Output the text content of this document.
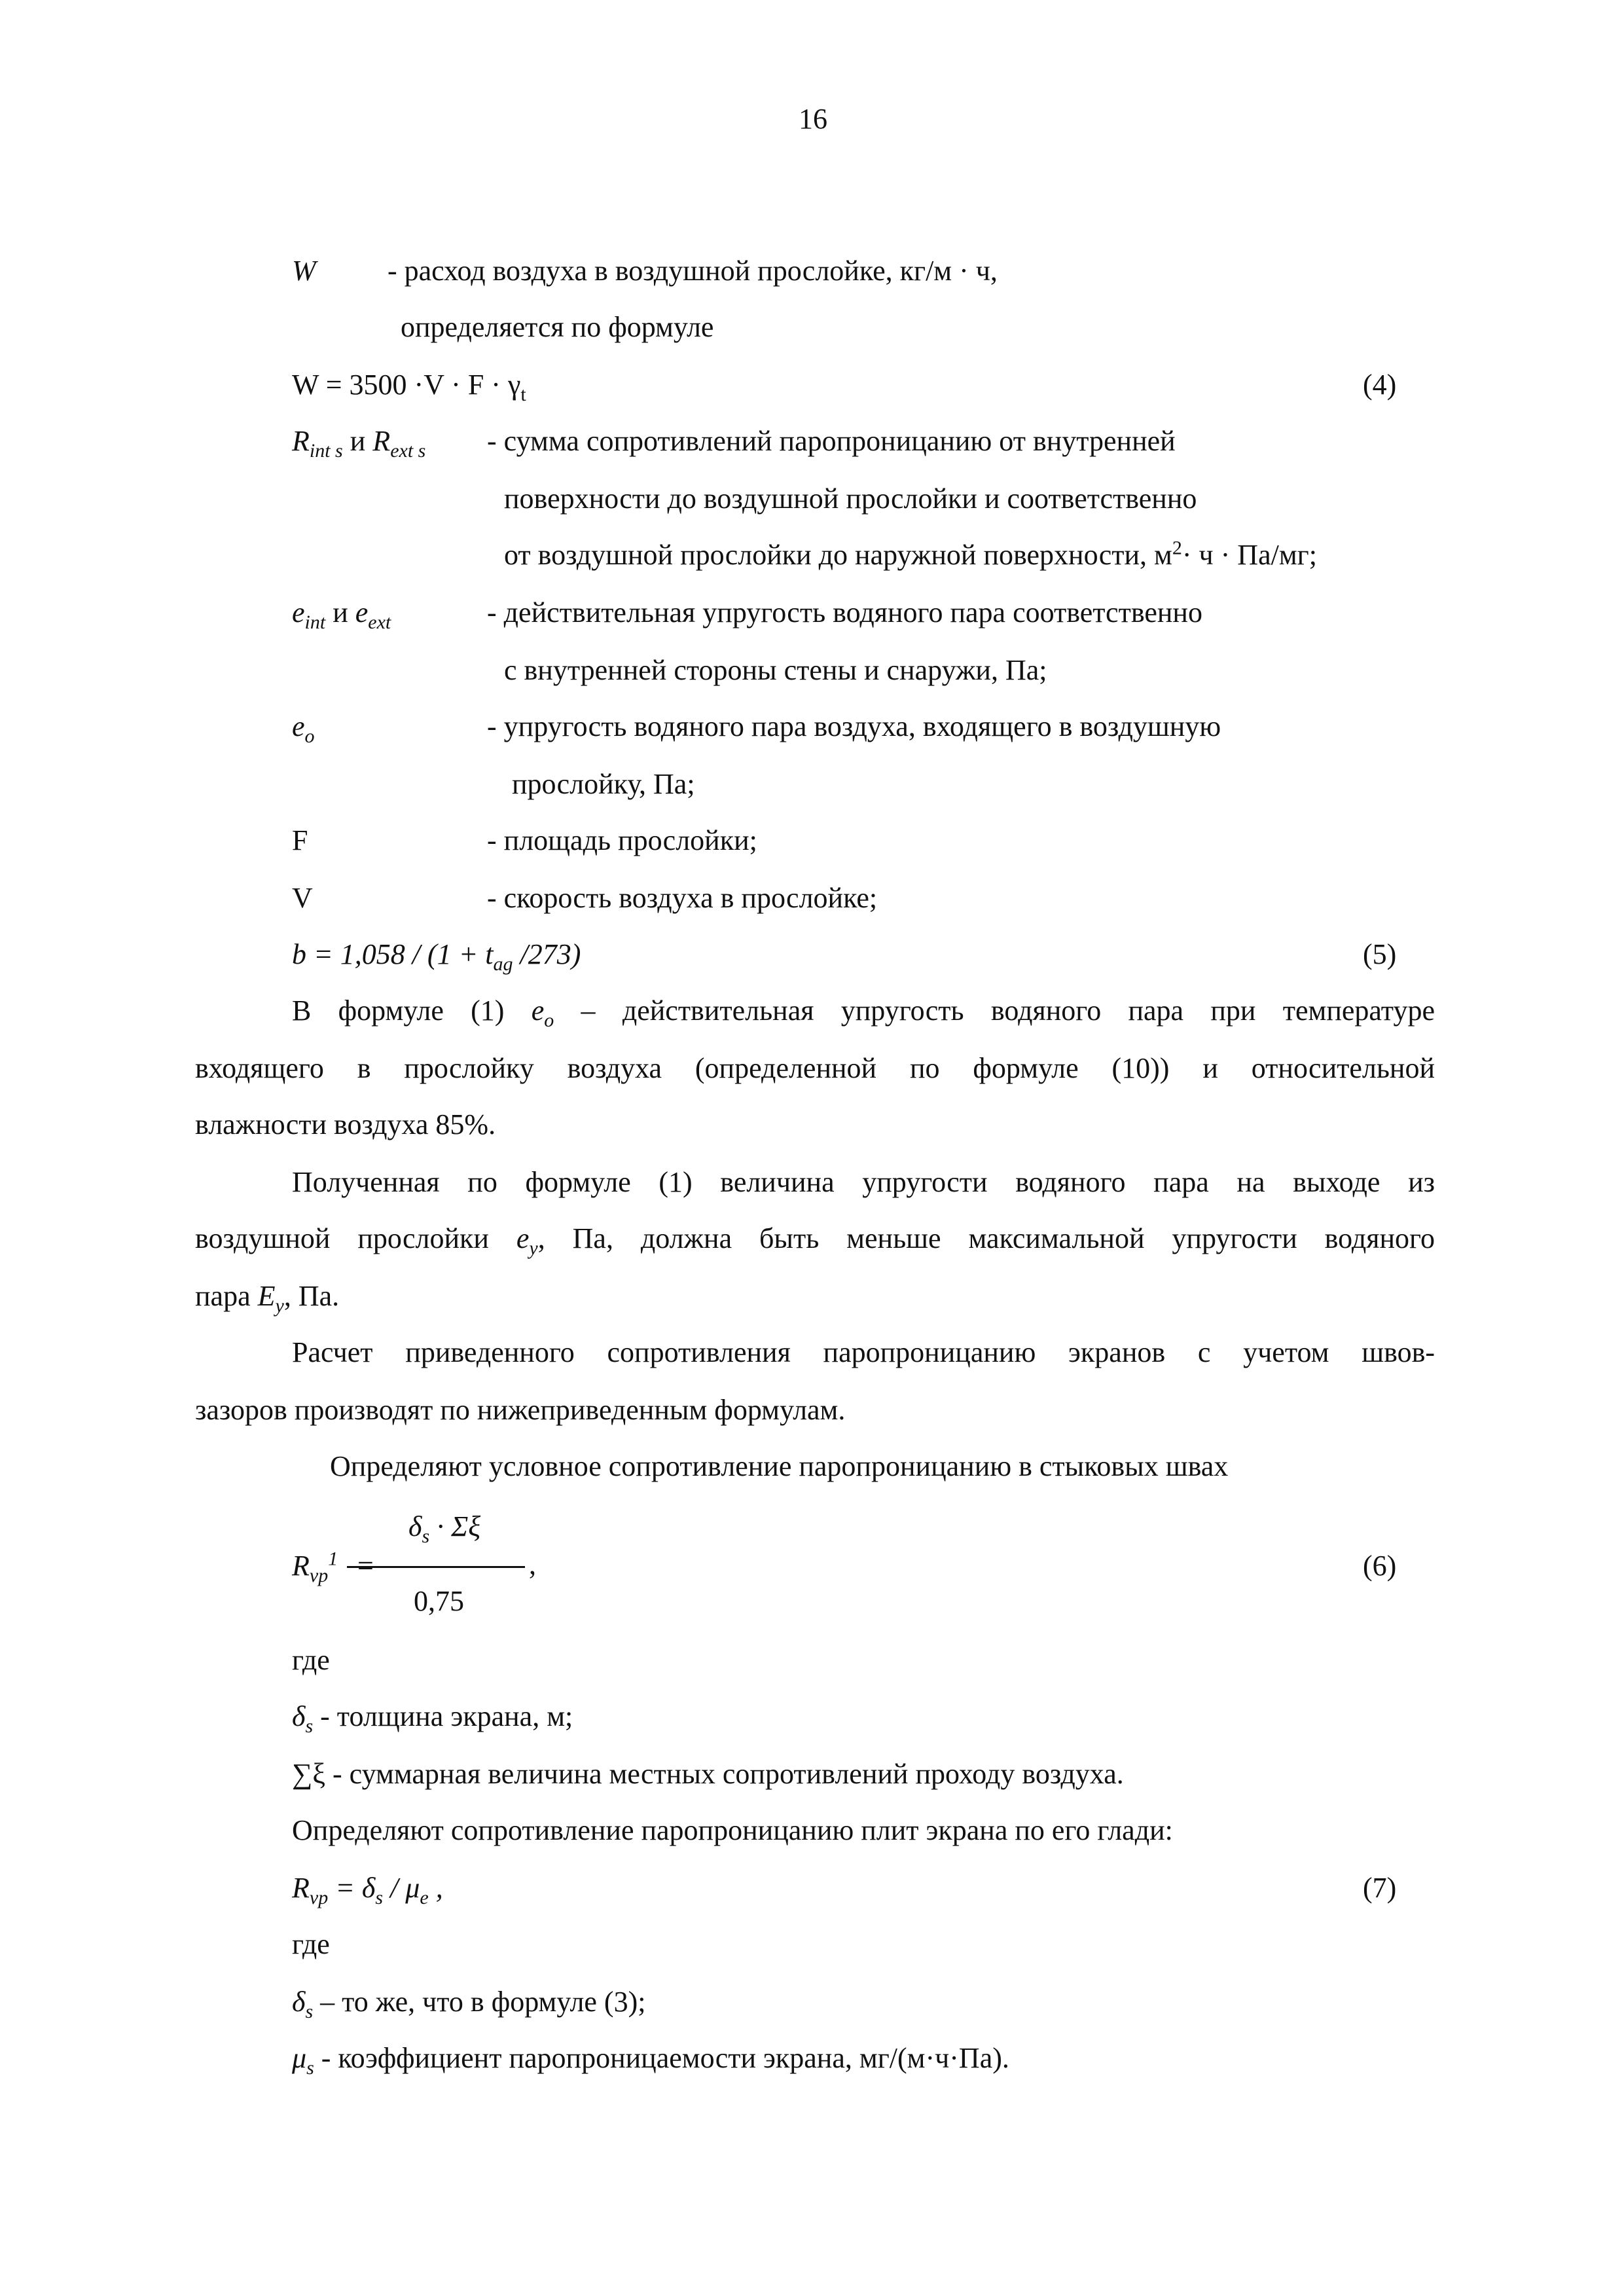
16
W - расход воздуха в воздушной прослойке, кг/м · ч,
определяется по формуле
$W = 3500 \cdot V \cdot F \cdot \gamma_t$	(4)
$R_{int s}$ и $R_{ext s}$ - сумма сопротивлений паропроницанию от внутренней
поверхности до воздушной прослойки и соответственно
от воздушной прослойки до наружной поверхности, $м^2\cdot ч \cdot Па/мг$;
$e_{int}$ и $e_{ext}$	- действительная упругость водяного пара соответственно
с внутренней стороны стены и снаружи, Па;
$e_o$	- упругость водяного пара воздуха, входящего в воздушную
прослойку, Па;
F	- площадь прослойки;
V	- скорость воздуха в прослойке;
$b = 1,058 / (1 + t_{ag}$ /273)	(5)
В формуле (1) $e_o$ – действительная упругость водяного пара при температуре
входящего в прослойку воздуха (определенной по формуле (10)) и относительной
влажности воздуха 85%.
Полученная по формуле (1) величина упругости водяного пара на выходе из
воздушной прослойки $e_y$, Па, должна быть меньше максимальной упругости водяного
пара $E_y$, Па.
Расчет приведенного сопротивления паропроницанию экранов с учетом швов-
зазоров производят по нижеприведенным формулам.
Определяют условное сопротивление паропроницанию в стыковых швах
$\delta_s \cdot \Sigma\xi$
$R_{vp}^1$ =	,
0,75
(6)
где
$\delta_s$ - толщина экрана, м;
∑ξ - суммарная величина местных сопротивлений проходу воздуха.
Определяют сопротивление паропроницанию плит экрана по его глади:
$R_{vp} = \delta_s / \mu_e$ ,	(7)
где
$\delta_s$ – то же, что в формуле (3);
$\mu_s$ - коэффициент паропроницаемости экрана, мг/(м·ч·Па).
